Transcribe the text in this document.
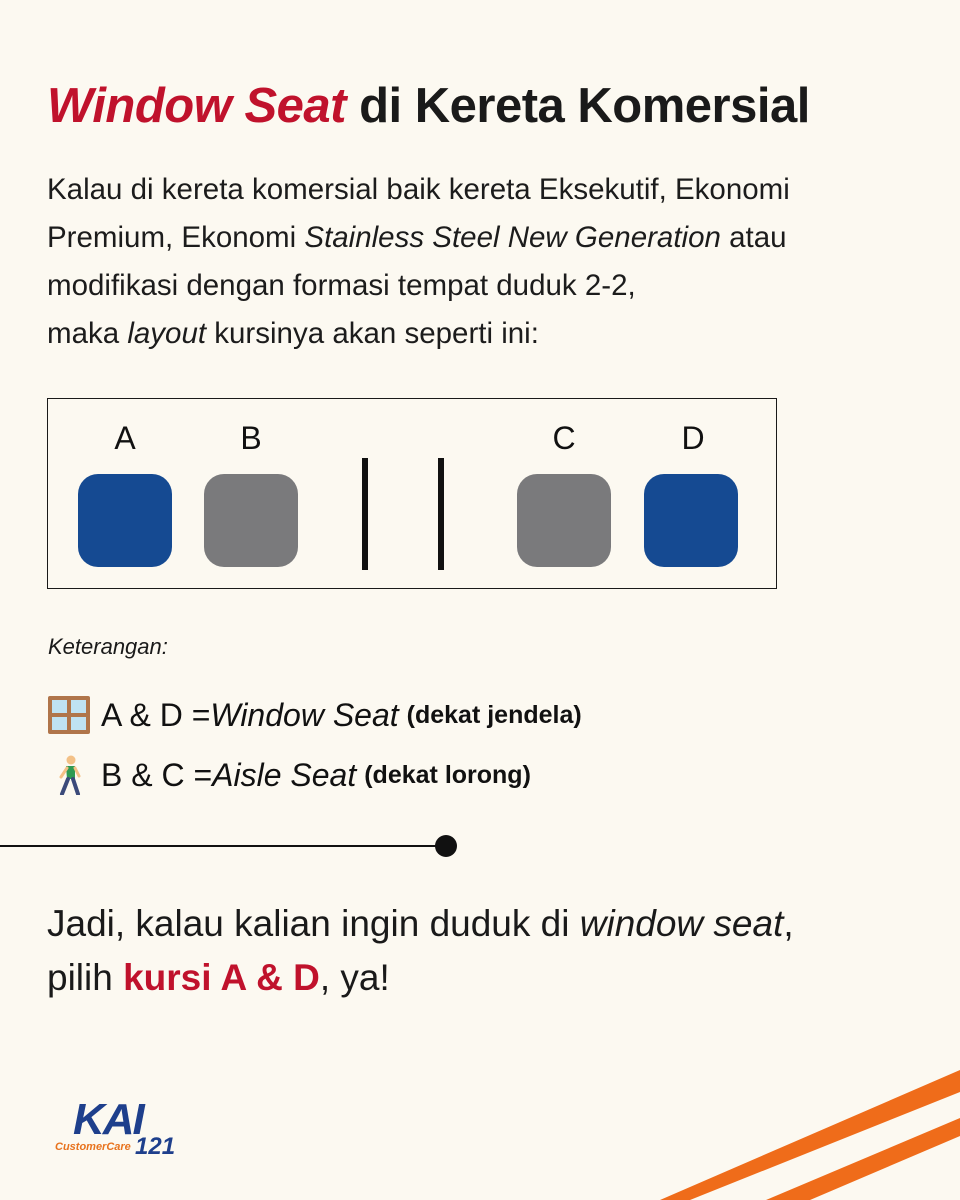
Window Seat di Kereta Komersial

Kalau di kereta komersial baik kereta Eksekutif, Ekonomi
Premium, Ekonomi Stainless Steel New Generation atau
modifikasi dengan formasi tempat duduk 2-2,
maka layout kursinya akan seperti ini:

A	B	C	D
Keterangan:
A & D = Window Seat (dekat jendela)
B & C = Aisle Seat (dekat lorong)

Jadi, kalau kalian ingin duduk di window seat,
pilih kursi A & D, ya!

KAI
CustomerCare 121
